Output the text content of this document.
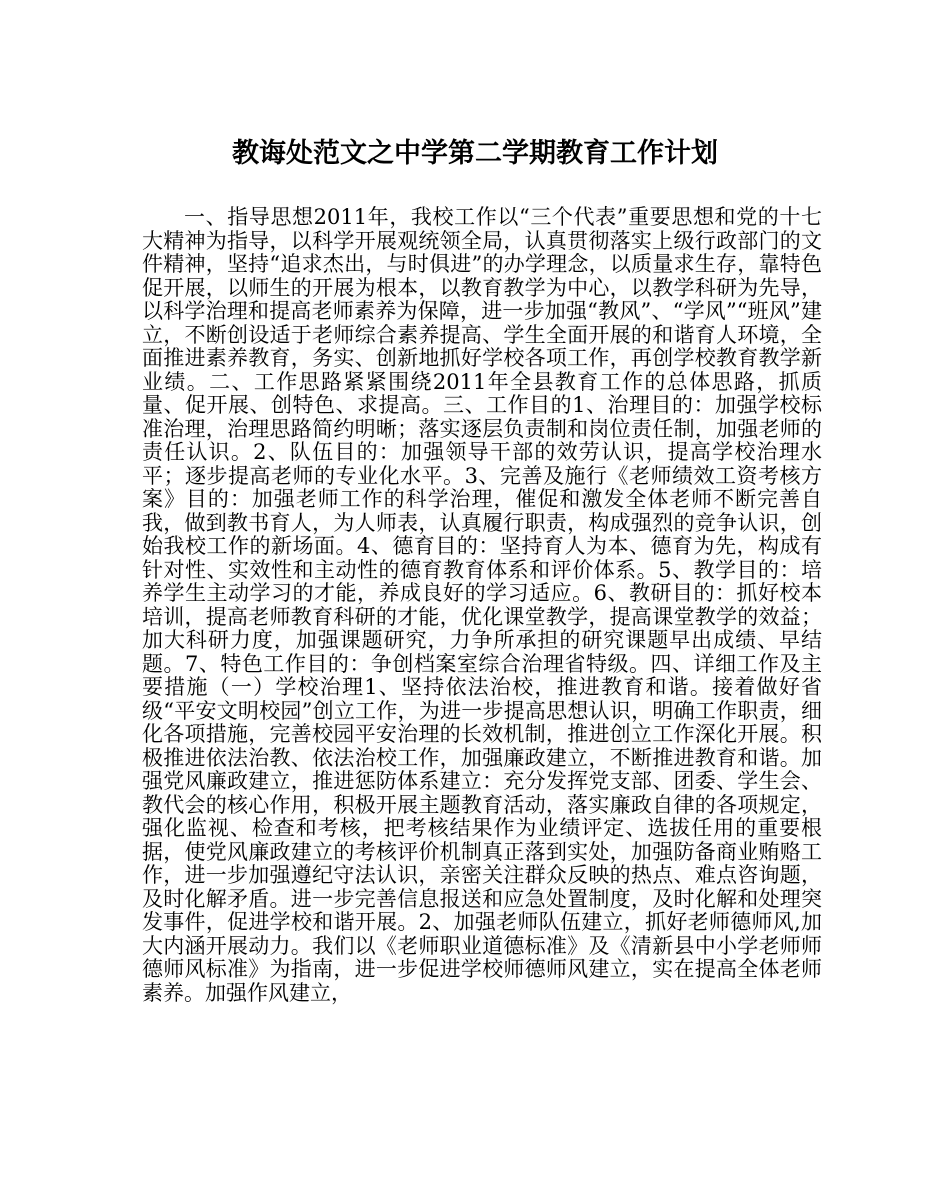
教诲处范文之中学第二学期教育工作计划

一、指导思想2011年，我校工作以“三个代表”重要思想和党的十七大精神为指导，以科学开展观统领全局，认真贯彻落实上级行政部门的文件精神，坚持“追求杰出，与时俱进”的办学理念，以质量求生存，靠特色促开展，以师生的开展为根本，以教育教学为中心，以教学科研为先导，以科学治理和提高老师素养为保障，进一步加强“教风”、“学风”“班风”建立，不断创设适于老师综合素养提高、学生全面开展的和谐育人环境，全面推进素养教育，务实、创新地抓好学校各项工作，再创学校教育教学新业绩。二、工作思路紧紧围绕2011年全县教育工作的总体思路，抓质量、促开展、创特色、求提高。三、工作目的1、治理目的：加强学校标准治理，治理思路简约明晰；落实逐层负责制和岗位责任制，加强老师的责任认识。2、队伍目的：加强领导干部的效劳认识，提高学校治理水平；逐步提高老师的专业化水平。3、完善及施行《老师绩效工资考核方案》目的：加强老师工作的科学治理，催促和激发全体老师不断完善自我，做到教书育人，为人师表，认真履行职责，构成强烈的竞争认识，创始我校工作的新场面。4、德育目的：坚持育人为本、德育为先，构成有针对性、实效性和主动性的德育教育体系和评价体系。5、教学目的：培养学生主动学习的才能，养成良好的学习适应。6、教研目的：抓好校本培训，提高老师教育科研的才能，优化课堂教学，提高课堂教学的效益；加大科研力度，加强课题研究，力争所承担的研究课题早出成绩、早结题。7、特色工作目的：争创档案室综合治理省特级。四、详细工作及主要措施（一）学校治理1、坚持依法治校，推进教育和谐。接着做好省级“平安文明校园”创立工作，为进一步提高思想认识，明确工作职责，细化各项措施，完善校园平安治理的长效机制，推进创立工作深化开展。积极推进依法治教、依法治校工作，加强廉政建立，不断推进教育和谐。加强党风廉政建立，推进惩防体系建立：充分发挥党支部、团委、学生会、教代会的核心作用，积极开展主题教育活动，落实廉政自律的各项规定，强化监视、检查和考核，把考核结果作为业绩评定、选拔任用的重要根据，使党风廉政建立的考核评价机制真正落到实处，加强防备商业贿赂工作，进一步加强遵纪守法认识，亲密关注群众反映的热点、难点咨询题，及时化解矛盾。进一步完善信息报送和应急处置制度，及时化解和处理突发事件，促进学校和谐开展。2、加强老师队伍建立，抓好老师德师风,加大内涵开展动力。我们以《老师职业道德标准》及《清新县中小学老师师德师风标准》为指南，进一步促进学校师德师风建立，实在提高全体老师素养。加强作风建立，
